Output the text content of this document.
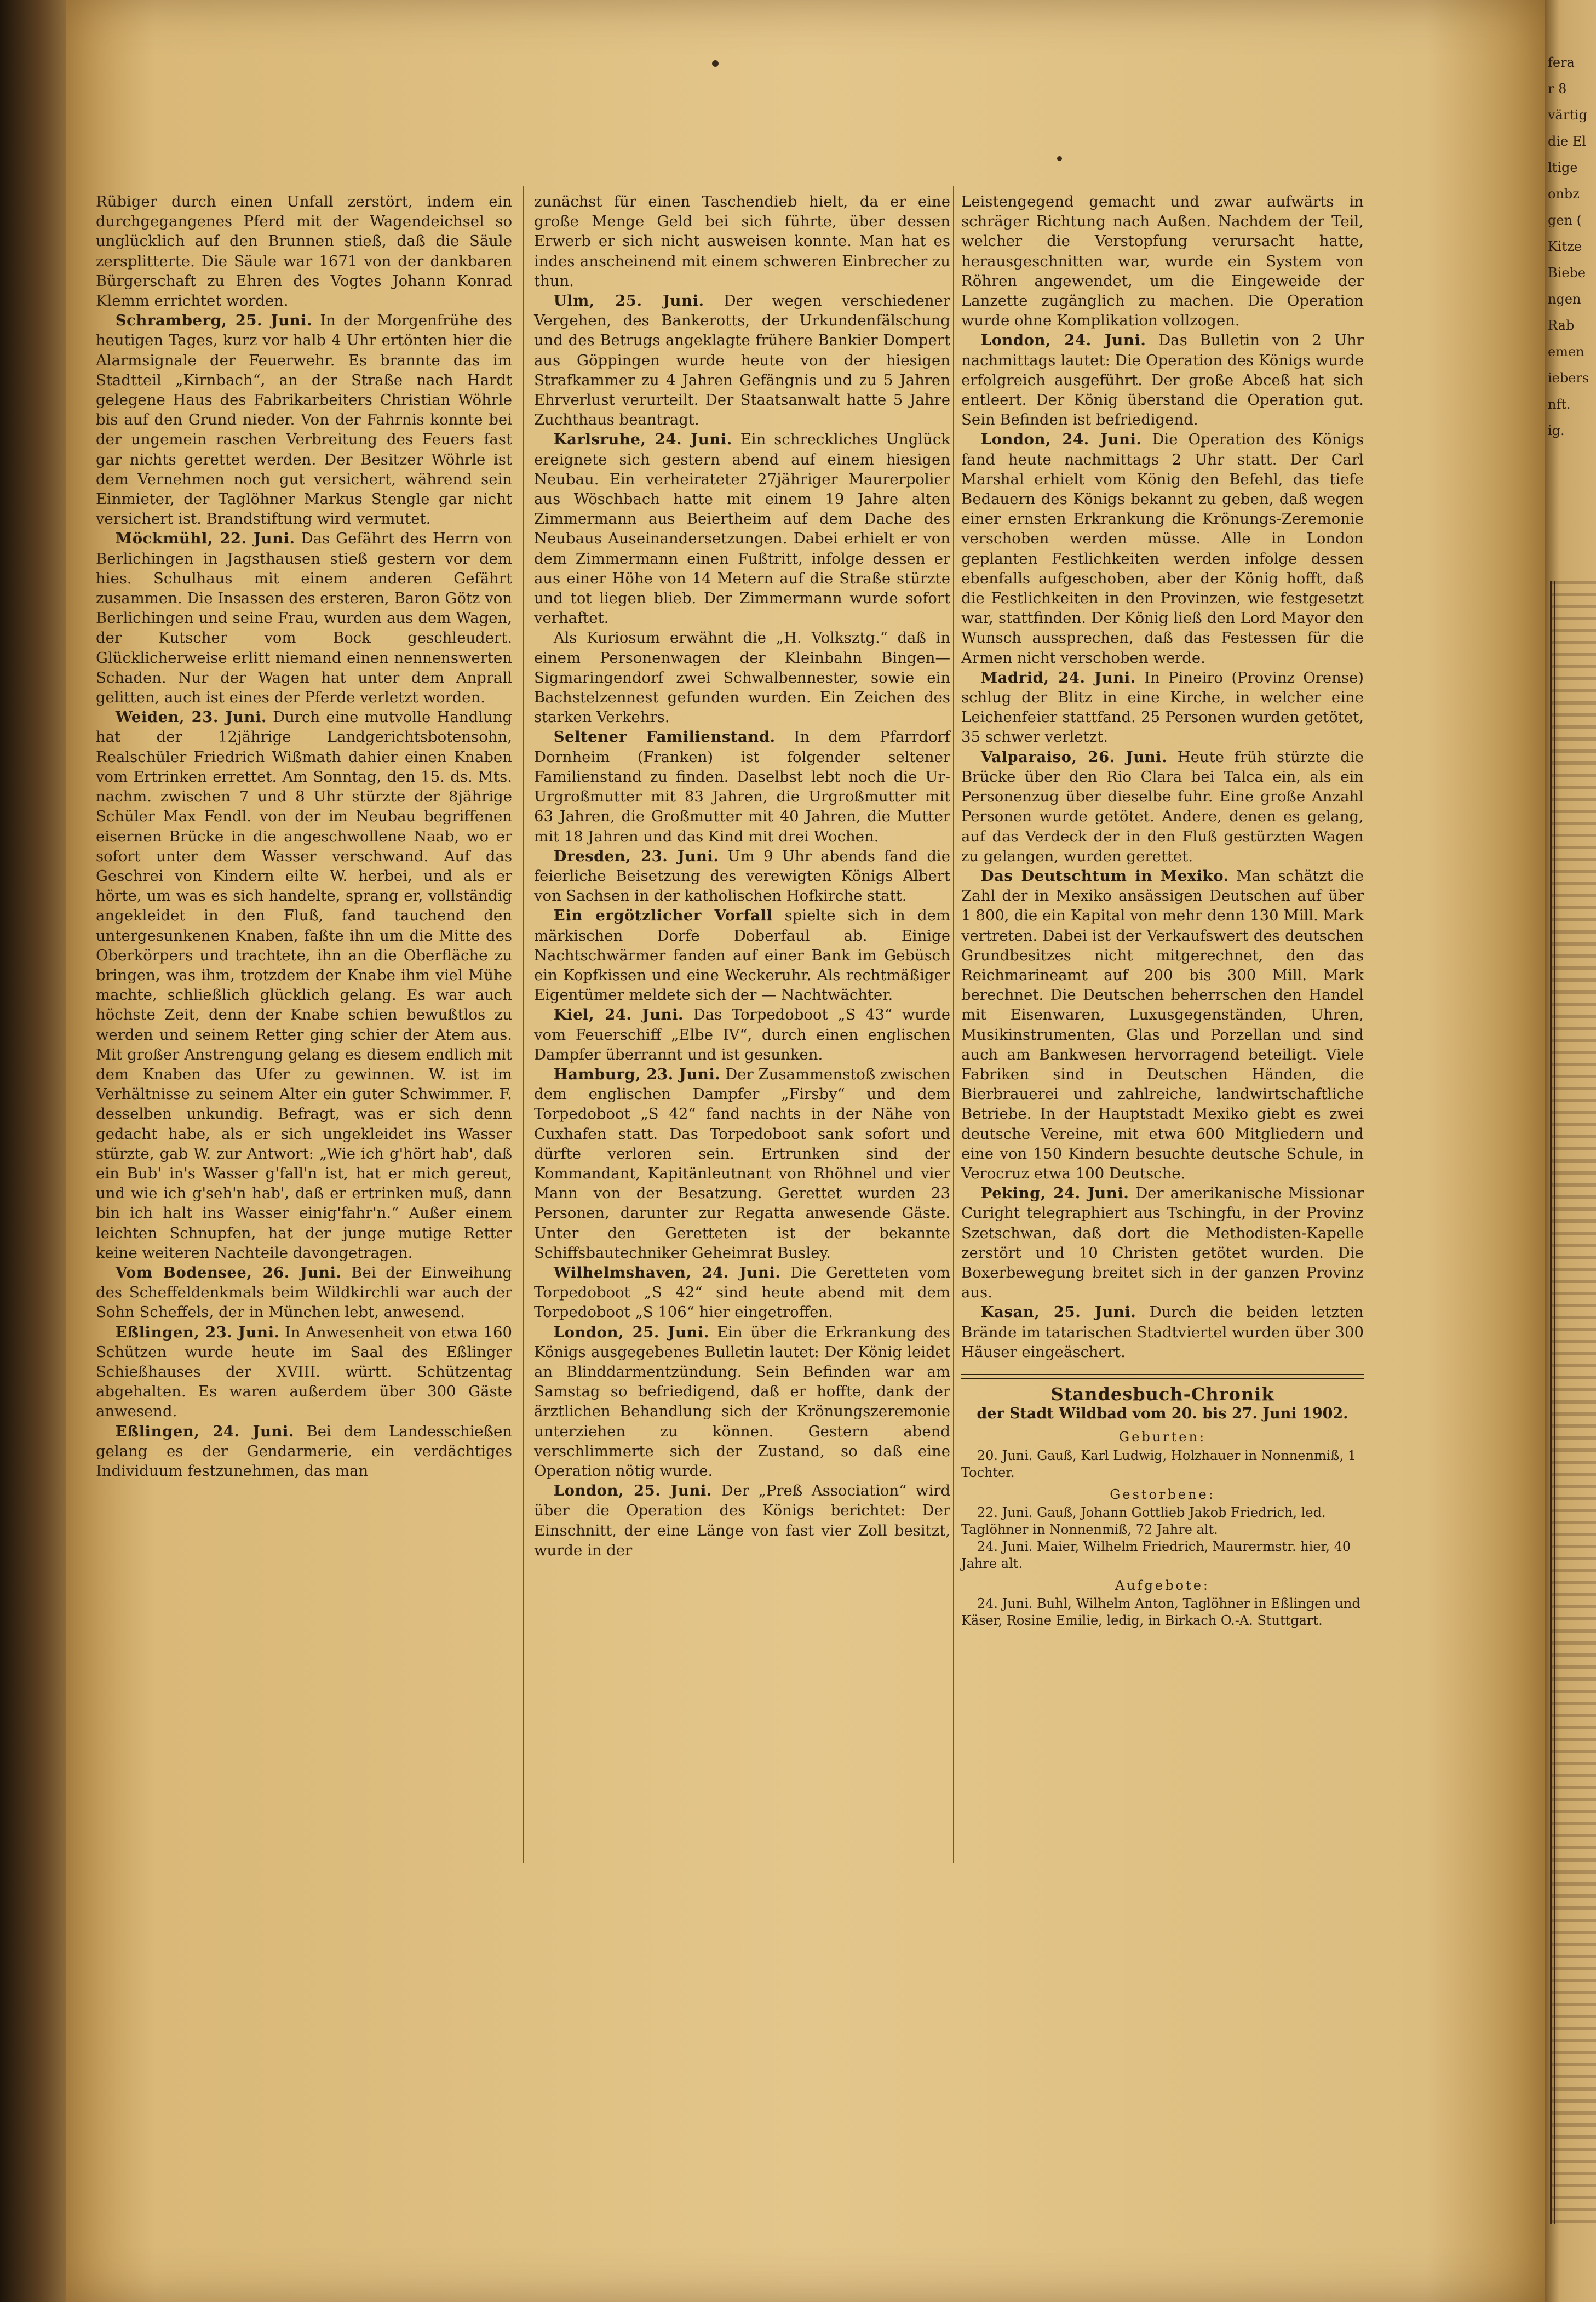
Rübiger durch einen Unfall zerstört, indem ein durchgegangenes Pferd mit der Wagendeichsel so unglücklich auf den Brunnen stieß, daß die Säule zersplitterte. Die Säule war 1671 von der dankbaren Bürgerschaft zu Ehren des Vogtes Johann Konrad Klemm errichtet worden.

Schramberg, 25. Juni. In der Morgenfrühe des heutigen Tages, kurz vor halb 4 Uhr ertönten hier die Alarmsignale der Feuerwehr. Es brannte das im Stadtteil „Kirnbach“, an der Straße nach Hardt gelegene Haus des Fabrikarbeiters Christian Wöhrle bis auf den Grund nieder. Von der Fahrnis konnte bei der ungemein raschen Verbreitung des Feuers fast gar nichts gerettet werden. Der Besitzer Wöhrle ist dem Vernehmen noch gut versichert, während sein Einmieter, der Taglöhner Markus Stengle gar nicht versichert ist. Brandstiftung wird vermutet.

Möckmühl, 22. Juni. Das Gefährt des Herrn von Berlichingen in Jagsthausen stieß gestern vor dem hies. Schulhaus mit einem anderen Gefährt zusammen. Die Insassen des ersteren, Baron Götz von Berlichingen und seine Frau, wurden aus dem Wagen, der Kutscher vom Bock geschleudert. Glücklicherweise erlitt niemand einen nennenswerten Schaden. Nur der Wagen hat unter dem Anprall gelitten, auch ist eines der Pferde verletzt worden.

Weiden, 23. Juni. Durch eine mutvolle Handlung hat der 12jährige Landgerichtsbotensohn, Realschüler Friedrich Wißmath dahier einen Knaben vom Ertrinken errettet. Am Sonntag, den 15. ds. Mts. nachm. zwischen 7 und 8 Uhr stürzte der 8jährige Schüler Max Fendl. von der im Neubau begriffenen eisernen Brücke in die angeschwollene Naab, wo er sofort unter dem Wasser verschwand. Auf das Geschrei von Kindern eilte W. herbei, und als er hörte, um was es sich handelte, sprang er, vollständig angekleidet in den Fluß, fand tauchend den untergesunkenen Knaben, faßte ihn um die Mitte des Oberkörpers und trachtete, ihn an die Oberfläche zu bringen, was ihm, trotzdem der Knabe ihm viel Mühe machte, schließlich glücklich gelang. Es war auch höchste Zeit, denn der Knabe schien bewußtlos zu werden und seinem Retter ging schier der Atem aus. Mit großer Anstrengung gelang es diesem endlich mit dem Knaben das Ufer zu gewinnen. W. ist im Verhältnisse zu seinem Alter ein guter Schwimmer. F. desselben unkundig. Befragt, was er sich denn gedacht habe, als er sich ungekleidet ins Wasser stürzte, gab W. zur Antwort: „Wie ich g'hört hab', daß ein Bub' in's Wasser g'fall'n ist, hat er mich gereut, und wie ich g'seh'n hab', daß er ertrinken muß, dann bin ich halt ins Wasser einig'fahr'n.“ Außer einem leichten Schnupfen, hat der junge mutige Retter keine weiteren Nachteile davongetragen.

Vom Bodensee, 26. Juni. Bei der Einweihung des Scheffeldenkmals beim Wildkirchli war auch der Sohn Scheffels, der in München lebt, anwesend.

Eßlingen, 23. Juni. In Anwesenheit von etwa 160 Schützen wurde heute im Saal des Eßlinger Schießhauses der XVIII. württ. Schützentag abgehalten. Es waren außerdem über 300 Gäste anwesend.

Eßlingen, 24. Juni. Bei dem Landesschießen gelang es der Gendarmerie, ein verdächtiges Individuum festzunehmen, das man

zunächst für einen Taschendieb hielt, da er eine große Menge Geld bei sich führte, über dessen Erwerb er sich nicht ausweisen konnte. Man hat es indes anscheinend mit einem schweren Einbrecher zu thun.

Ulm, 25. Juni. Der wegen verschiedener Vergehen, des Bankerotts, der Urkundenfälschung und des Betrugs angeklagte frühere Bankier Dompert aus Göppingen wurde heute von der hiesigen Strafkammer zu 4 Jahren Gefängnis und zu 5 Jahren Ehrverlust verurteilt. Der Staatsanwalt hatte 5 Jahre Zuchthaus beantragt.

Karlsruhe, 24. Juni. Ein schreckliches Unglück ereignete sich gestern abend auf einem hiesigen Neubau. Ein verheirateter 27jähriger Maurerpolier aus Wöschbach hatte mit einem 19 Jahre alten Zimmermann aus Beiertheim auf dem Dache des Neubaus Auseinandersetzungen. Dabei erhielt er von dem Zimmermann einen Fußtritt, infolge dessen er aus einer Höhe von 14 Metern auf die Straße stürzte und tot liegen blieb. Der Zimmermann wurde sofort verhaftet.

Als Kuriosum erwähnt die „H. Volksztg.“ daß in einem Personenwagen der Kleinbahn Bingen—Sigmaringendorf zwei Schwalbennester, sowie ein Bachstelzennest gefunden wurden. Ein Zeichen des starken Verkehrs.

Seltener Familienstand. In dem Pfarrdorf Dornheim (Franken) ist folgender seltener Familienstand zu finden. Daselbst lebt noch die Ur-Urgroßmutter mit 83 Jahren, die Urgroßmutter mit 63 Jahren, die Großmutter mit 40 Jahren, die Mutter mit 18 Jahren und das Kind mit drei Wochen.

Dresden, 23. Juni. Um 9 Uhr abends fand die feierliche Beisetzung des verewigten Königs Albert von Sachsen in der katholischen Hofkirche statt.

Ein ergötzlicher Vorfall spielte sich in dem märkischen Dorfe Doberfaul ab. Einige Nachtschwärmer fanden auf einer Bank im Gebüsch ein Kopfkissen und eine Weckeruhr. Als rechtmäßiger Eigentümer meldete sich der — Nachtwächter.

Kiel, 24. Juni. Das Torpedoboot „S 43“ wurde vom Feuerschiff „Elbe IV“, durch einen englischen Dampfer überrannt und ist gesunken.

Hamburg, 23. Juni. Der Zusammenstoß zwischen dem englischen Dampfer „Firsby“ und dem Torpedoboot „S 42“ fand nachts in der Nähe von Cuxhafen statt. Das Torpedoboot sank sofort und dürfte verloren sein. Ertrunken sind der Kommandant, Kapitänleutnant von Rhöhnel und vier Mann von der Besatzung. Gerettet wurden 23 Personen, darunter zur Regatta anwesende Gäste. Unter den Geretteten ist der bekannte Schiffsbautechniker Geheimrat Busley.

Wilhelmshaven, 24. Juni. Die Geretteten vom Torpedoboot „S 42“ sind heute abend mit dem Torpedoboot „S 106“ hier eingetroffen.

London, 25. Juni. Ein über die Erkrankung des Königs ausgegebenes Bulletin lautet: Der König leidet an Blinddarmentzündung. Sein Befinden war am Samstag so befriedigend, daß er hoffte, dank der ärztlichen Behandlung sich der Krönungszeremonie unterziehen zu können. Gestern abend verschlimmerte sich der Zustand, so daß eine Operation nötig wurde.

London, 25. Juni. Der „Preß Association“ wird über die Operation des Königs berichtet: Der Einschnitt, der eine Länge von fast vier Zoll besitzt, wurde in der

Leistengegend gemacht und zwar aufwärts in schräger Richtung nach Außen. Nachdem der Teil, welcher die Verstopfung verursacht hatte, herausgeschnitten war, wurde ein System von Röhren angewendet, um die Eingeweide der Lanzette zugänglich zu machen. Die Operation wurde ohne Komplikation vollzogen.

London, 24. Juni. Das Bulletin von 2 Uhr nachmittags lautet: Die Operation des Königs wurde erfolgreich ausgeführt. Der große Abceß hat sich entleert. Der König überstand die Operation gut. Sein Befinden ist befriedigend.

London, 24. Juni. Die Operation des Königs fand heute nachmittags 2 Uhr statt. Der Carl Marshal erhielt vom König den Befehl, das tiefe Bedauern des Königs bekannt zu geben, daß wegen einer ernsten Erkrankung die Krönungs-Zeremonie verschoben werden müsse. Alle in London geplanten Festlichkeiten werden infolge dessen ebenfalls aufgeschoben, aber der König hofft, daß die Festlichkeiten in den Provinzen, wie festgesetzt war, stattfinden. Der König ließ den Lord Mayor den Wunsch aussprechen, daß das Festessen für die Armen nicht verschoben werde.

Madrid, 24. Juni. In Pineiro (Provinz Orense) schlug der Blitz in eine Kirche, in welcher eine Leichenfeier stattfand. 25 Personen wurden getötet, 35 schwer verletzt.

Valparaiso, 26. Juni. Heute früh stürzte die Brücke über den Rio Clara bei Talca ein, als ein Personenzug über dieselbe fuhr. Eine große Anzahl Personen wurde getötet. Andere, denen es gelang, auf das Verdeck der in den Fluß gestürzten Wagen zu gelangen, wurden gerettet.

Das Deutschtum in Mexiko. Man schätzt die Zahl der in Mexiko ansässigen Deutschen auf über 1 800, die ein Kapital von mehr denn 130 Mill. Mark vertreten. Dabei ist der Verkaufswert des deutschen Grundbesitzes nicht mitgerechnet, den das Reichmarineamt auf 200 bis 300 Mill. Mark berechnet. Die Deutschen beherrschen den Handel mit Eisenwaren, Luxusgegenständen, Uhren, Musikinstrumenten, Glas und Porzellan und sind auch am Bankwesen hervorragend beteiligt. Viele Fabriken sind in Deutschen Händen, die Bierbrauerei und zahlreiche, landwirtschaftliche Betriebe. In der Hauptstadt Mexiko giebt es zwei deutsche Vereine, mit etwa 600 Mitgliedern und eine von 150 Kindern besuchte deutsche Schule, in Verocruz etwa 100 Deutsche.

Peking, 24. Juni. Der amerikanische Missionar Curight telegraphiert aus Tschingfu, in der Provinz Szetschwan, daß dort die Methodisten-Kapelle zerstört und 10 Christen getötet wurden. Die Boxerbewegung breitet sich in der ganzen Provinz aus.

Kasan, 25. Juni. Durch die beiden letzten Brände im tatarischen Stadtviertel wurden über 300 Häuser eingeäschert.

Standesbuch-Chronik
der Stadt Wildbad vom 20. bis 27. Juni 1902.
Geburten:
20. Juni. Gauß, Karl Ludwig, Holzhauer in Nonnenmiß, 1 Tochter.
Gestorbene:
22. Juni. Gauß, Johann Gottlieb Jakob Friedrich, led. Taglöhner in Nonnenmiß, 72 Jahre alt.
24. Juni. Maier, Wilhelm Friedrich, Maurermstr. hier, 40 Jahre alt.
Aufgebote:
24. Juni. Buhl, Wilhelm Anton, Taglöhner in Eßlingen und Käser, Rosine Emilie, ledig, in Birkach O.-A. Stuttgart.
fera
r 8
värtig
die El
ltige
onbz
gen (
Kitze
Biebe
ngen
Rab
emen
iebers
nft.
ig.
